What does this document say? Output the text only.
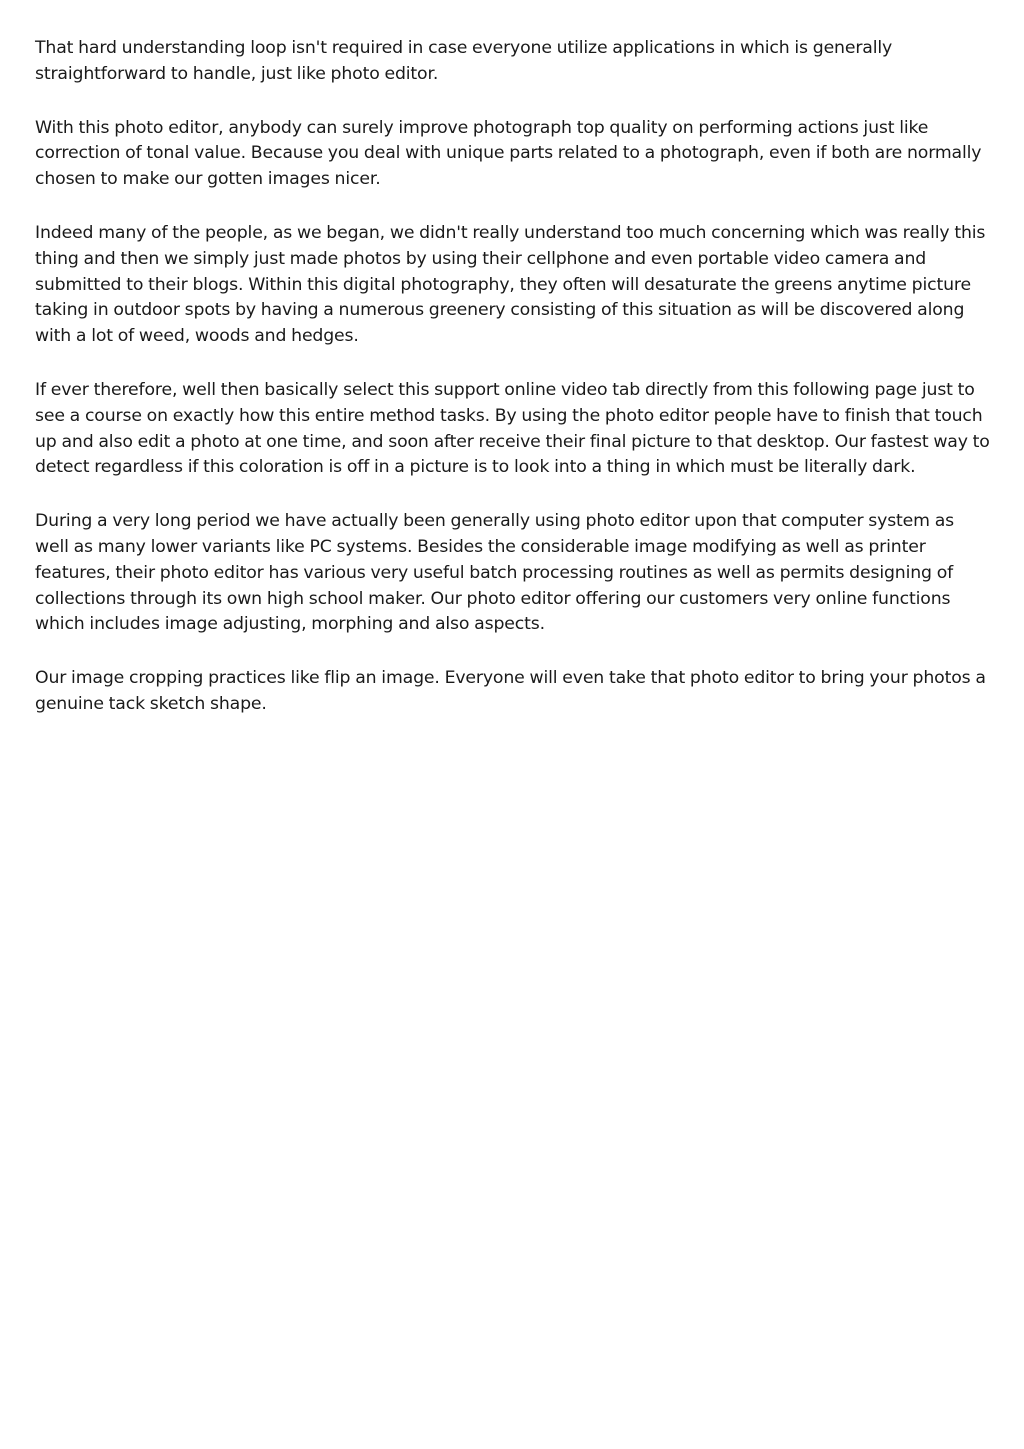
That hard understanding loop isn't required in case everyone utilize applications in which is generally straightforward to handle, just like photo editor.

With this photo editor, anybody can surely improve photograph top quality on performing actions just like correction of tonal value. Because you deal with unique parts related to a photograph, even if both are normally chosen to make our gotten images nicer.

Indeed many of the people, as we began, we didn't really understand too much concerning which was really this thing and then we simply just made photos by using their cellphone and even portable video camera and submitted to their blogs. Within this digital photography, they often will desaturate the greens anytime picture taking in outdoor spots by having a numerous greenery consisting of this situation as will be discovered along with a lot of weed, woods and hedges.

If ever therefore, well then basically select this support online video tab directly from this following page just to see a course on exactly how this entire method tasks. By using the photo editor people have to finish that touch up and also edit a photo at one time, and soon after receive their final picture to that desktop. Our fastest way to detect regardless if this coloration is off in a picture is to look into a thing in which must be literally dark.

During a very long period we have actually been generally using photo editor upon that computer system as well as many lower variants like PC systems. Besides the considerable image modifying as well as printer features, their photo editor has various very useful batch processing routines as well as permits designing of collections through its own high school maker. Our photo editor offering our customers very online functions which includes image adjusting, morphing and also aspects.

Our image cropping practices like flip an image. Everyone will even take that photo editor to bring your photos a genuine tack sketch shape.
